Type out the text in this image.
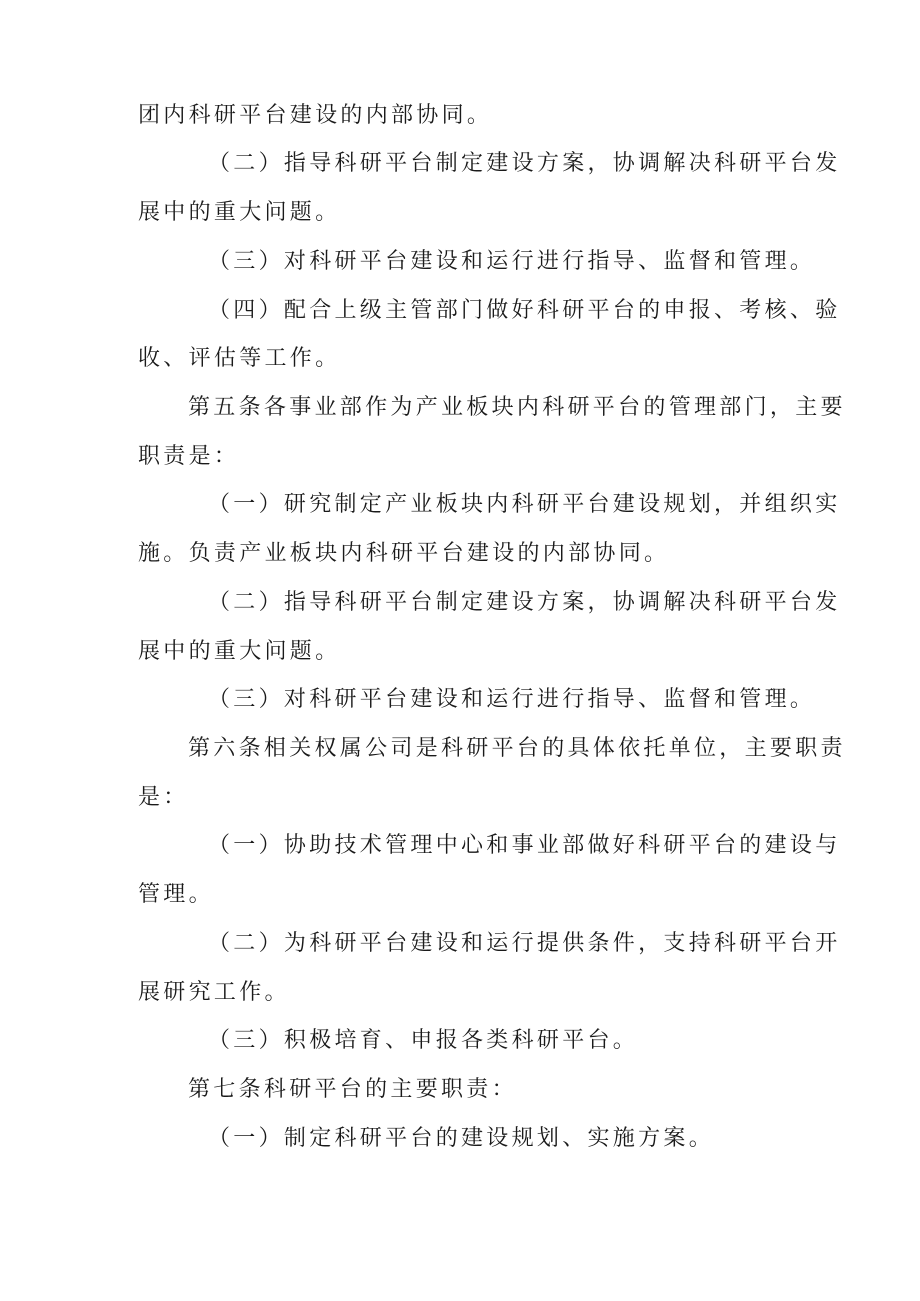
团内科研平台建设的内部协同。
（二）指导科研平台制定建设方案，协调解决科研平台发
展中的重大问题。
（三）对科研平台建设和运行进行指导、监督和管理。
（四）配合上级主管部门做好科研平台的申报、考核、验
收、评估等工作。
第五条各事业部作为产业板块内科研平台的管理部门，主要
职责是：
（一）研究制定产业板块内科研平台建设规划，并组织实
施。负责产业板块内科研平台建设的内部协同。
（二）指导科研平台制定建设方案，协调解决科研平台发
展中的重大问题。
（三）对科研平台建设和运行进行指导、监督和管理。
第六条相关权属公司是科研平台的具体依托单位，主要职责
是：
（一）协助技术管理中心和事业部做好科研平台的建设与
管理。
（二）为科研平台建设和运行提供条件，支持科研平台开
展研究工作。
（三）积极培育、申报各类科研平台。
第七条科研平台的主要职责：
（一）制定科研平台的建设规划、实施方案。
